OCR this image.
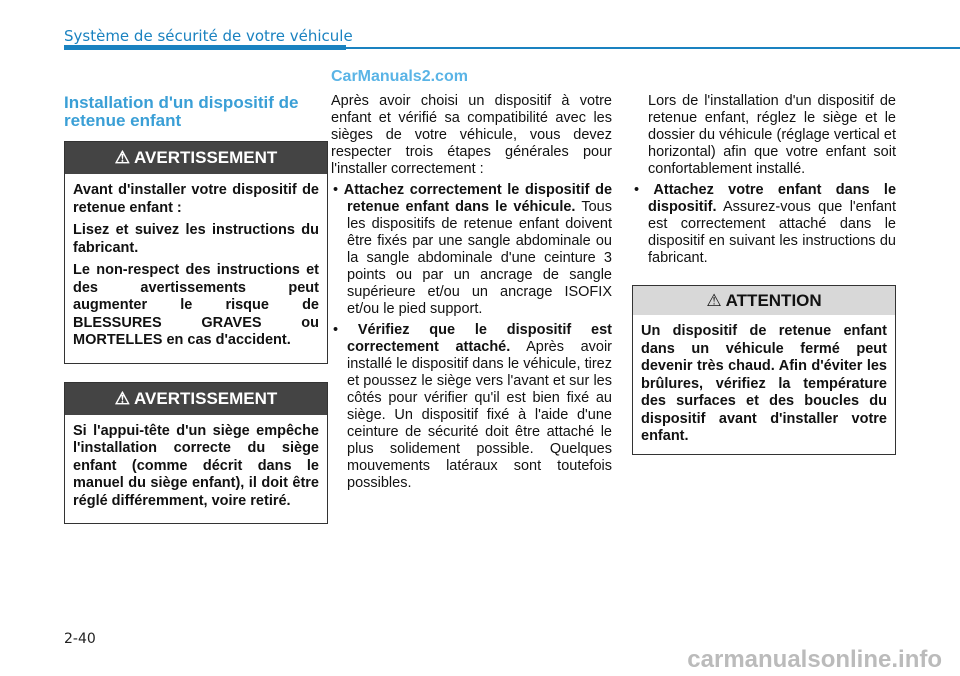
Système de sécurité de votre véhicule
Installation d'un dispositif de retenue enfant
⚠ AVERTISSEMENT

Avant d'installer votre dispositif de retenue enfant :

Lisez et suivez les instructions du fabricant.

Le non-respect des instructions et des avertissements peut augmenter le risque de BLESSURES GRAVES ou MORTELLES en cas d'accident.

⚠ AVERTISSEMENT

Si l'appui-tête d'un siège empêche l'installation correcte du siège enfant (comme décrit dans le manuel du siège enfant), il doit être réglé différemment, voire retiré.

CarManuals2.com

Après avoir choisi un dispositif à votre enfant et vérifié sa compatibilité avec les sièges de votre véhicule, vous devez respecter trois étapes générales pour l'installer correctement :

• Attachez correctement le dispositif de retenue enfant dans le véhicule. Tous les dispositifs de retenue enfant doivent être fixés par une sangle abdominale ou la sangle abdominale d'une ceinture 3 points ou par un ancrage de sangle supérieure et/ou un ancrage ISOFIX et/ou le pied support.

• Vérifiez que le dispositif est correctement attaché. Après avoir installé le dispositif dans le véhicule, tirez et poussez le siège vers l'avant et sur les côtés pour vérifier qu'il est bien fixé au siège. Un dispositif fixé à l'aide d'une ceinture de sécurité doit être attaché le plus solidement possible. Quelques mouvements latéraux sont toutefois possibles.

Lors de l'installation d'un dispositif de retenue enfant, réglez le siège et le dossier du véhicule (réglage vertical et horizontal) afin que votre enfant soit confortablement installé.

• Attachez votre enfant dans le dispositif. Assurez-vous que l'enfant est correctement attaché dans le dispositif en suivant les instructions du fabricant.

⚠ ATTENTION
Un dispositif de retenue enfant dans un véhicule fermé peut devenir très chaud. Afin d'éviter les brûlures, vérifiez la température des surfaces et des boucles du dispositif avant d'installer votre enfant.
2-40
carmanualsonline.info
